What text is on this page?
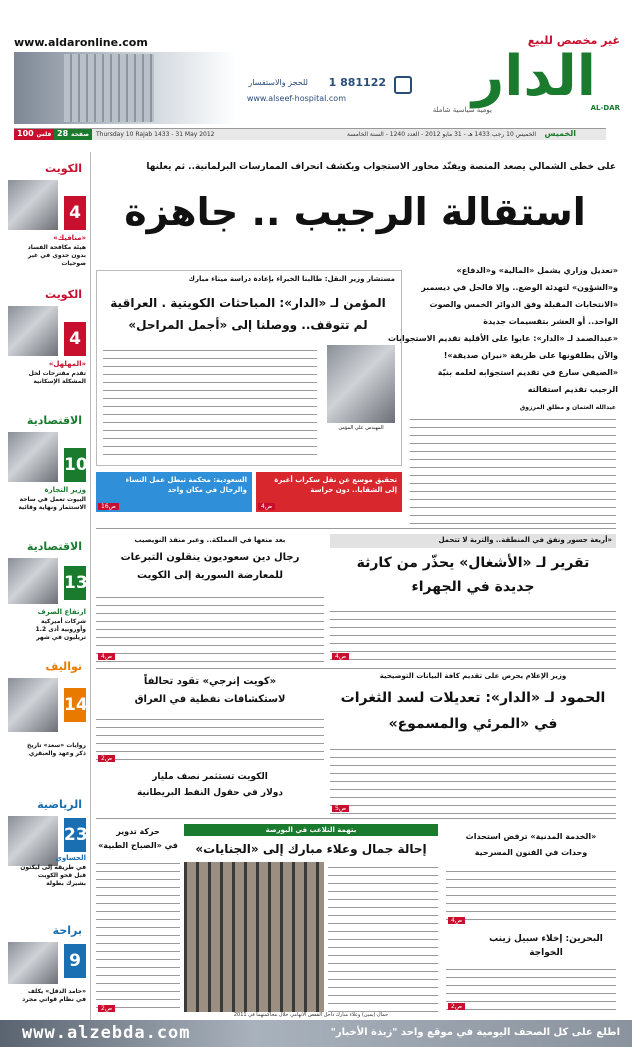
www.aldaronline.com	غير مخصص للبيع
للحجز والاستفسار 1 881122
www.alseef-hospital.com الدار
AL-DAR
يومية سياسية شاملة
100 فلس 28 صفحة	Thursday 10 Rajab 1433 - 31 May 2012	الخميس 10 رجب 1433 هـ - 31 مايو 2012 - العدد 1240 - السنة الخامسة الخميس
الكويت
4
«منافيك»
هيئة مكافحة الفساد بدون جدوى في غير صوحيات
الكويت
4
«المهلهل»
تقدم مقترحات لحل المشكلة الإسكانية
الاقتصادية
10
وزير التجارة
البيوت تعمل في ساحة الاستثمار ونهاية وقائية
الاقتصادية
13
ارتفاع الصرف
شركات أميركية وأوروبية أدى 1.2 تريليون في شهر
تواليف
14
روايات «سعد» تاريخ ذكر وعهد والعبقري
الرياضية
23
الحساوي
في طريقه إلى ليكتون قبل قحو الكويت بشيرك بطولة
براحة
9
«حامد الدقل» يكلف في نظام قواتي مجرد
على خطى الشمالي يصعد المنصة ويفنّد محاور الاستجواب ويكشف انحراف الممارسات البرلمانية.. ثم يعلنها
استقالة الرجيب .. جاهزة
«تعديل وزاري يشمل «المالية» و«الدفاع»
و«الشؤون» لتهدئة الوضع.. وإلا فالحل في ديسمبر
«الانتخابات المقبلة وفق الدوائر الخمس والصوت
الواحد.. أو العشر بتقسيمات جديدة
«عبدالصمد لـ «الدار»: عابوا على الأقلية تقديم الاستجوابات
والآن يطلقونها على طريقة «نيران صديقة»!
«الصيفي سارع في تقديم استجوابه لعلمه بنيّة
الرجيب تقديم استقالته
عبدالله العثمان و مطلق المرزوق
مستشار وزير النقل: طالبنا الخبراء بإعادة دراسة ميناء مبارك
المؤمن لـ «الدار»: المباحثات الكويتية . العراقية
لم تتوقف.. ووصلنا إلى «أجمل المراحل»
المهندس علي المؤمن
تحقيق موسع عن نقل سكراب أغبرة إلى الشقايا.. دون حراسة
ص4
السعودية: محكمة تبطل عمل النساء والرجال في مكان واحد
ص16
«أربعة جسور ونفق في المنطقة.. والتربة لا تتحمل
تقرير لـ «الأشغال» يحذّر من كارثة
جديدة في الجهراء
ص4
بعد منعها في المملكة.. وعبر منفذ النويصيب
رجال دين سعوديون ينقلون التبرعات
للمعارضة السورية إلى الكويت
ص4
وزير الإعلام يحرص على تقديم كافة البيانات التوضيحية
الحمود لـ «الدار»: تعديلات لسد الثغرات
في «المرئي والمسموع»
ص5
«كويت إنرجي» تقود تحالفاً
لاستكشافات نفطية في العراق
ص2
الكويت تستثمر نصف مليار
دولار في حقول النفط البريطانية
بتهمة التلاعب في البورصة
إحالة جمال وعلاء مبارك إلى «الجنايات»
جمال (يمين) وعلاء مبارك داخل القفص الاتهامي خلال محاكمتهما في 2011
«الخدمة المدنية» ترفض استحداث
وحدات في الفنون المسرحية
ص4
البحرين: إخلاء سبيل زينب الخواجة
ص2
حركة تدوير
في «الصباح الطبية»
ص2
www.alzebda.com	اطلع على كل الصحف اليومية في موقع واحد "زبدة الأخبار"
